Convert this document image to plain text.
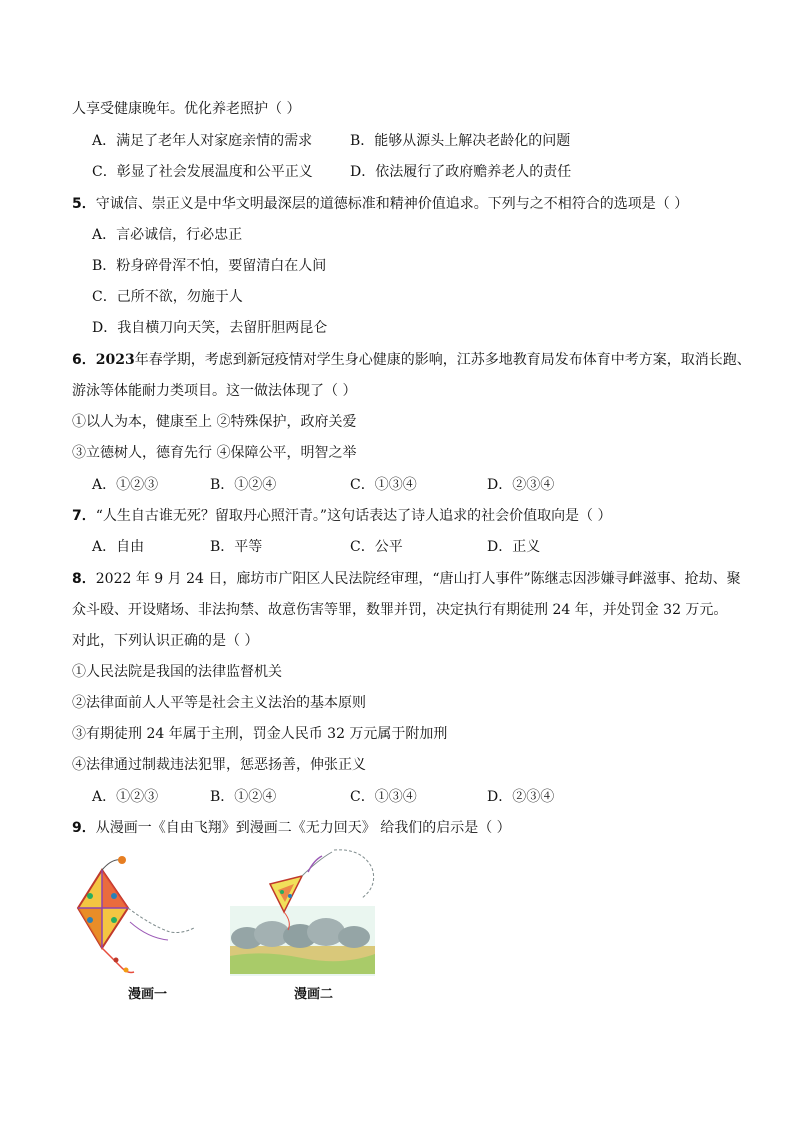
人享受健康晚年。优化养老照护（ ）
A．满足了老年人对家庭亲情的需求	B．能够从源头上解决老龄化的问题
C．彰显了社会发展温度和公平正义	D．依法履行了政府赡养老人的责任
5．守诚信、崇正义是中华文明最深层的道德标准和精神价值追求。下列与之不相符合的选项是（ ）
A．言必诚信，行必忠正
B．粉身碎骨浑不怕，要留清白在人间
C．己所不欲，勿施于人
D．我自横刀向天笑，去留肝胆两昆仑
6．2023年春学期，考虑到新冠疫情对学生身心健康的影响，江苏多地教育局发布体育中考方案，取消长跑、
游泳等体能耐力类项目。这一做法体现了（ ）
①以人为本，健康至上 ②特殊保护，政府关爱
③立德树人，德育先行 ④保障公平，明智之举
A．①②③	B．①②④	C．①③④	D．②③④
7．“人生自古谁无死？留取丹心照汗青。”这句话表达了诗人追求的社会价值取向是（ ）
A．自由	B．平等	C．公平	D．正义
8．2022 年 9 月 24 日，廊坊市广阳区人民法院经审理，“唐山打人事件”陈继志因涉嫌寻衅滋事、抢劫、聚
众斗殴、开设赌场、非法拘禁、故意伤害等罪，数罪并罚，决定执行有期徒刑 24 年，并处罚金 32 万元。
对此，下列认识正确的是（ ）
①人民法院是我国的法律监督机关
②法律面前人人平等是社会主义法治的基本原则
③有期徒刑 24 年属于主刑，罚金人民币 32 万元属于附加刑
④法律通过制裁违法犯罪，惩恶扬善，伸张正义
A．①②③	B．①②④	C．①③④	D．②③④
9．从漫画一《自由飞翔》到漫画二《无力回天》 给我们的启示是（ ）
漫画一	漫画二
